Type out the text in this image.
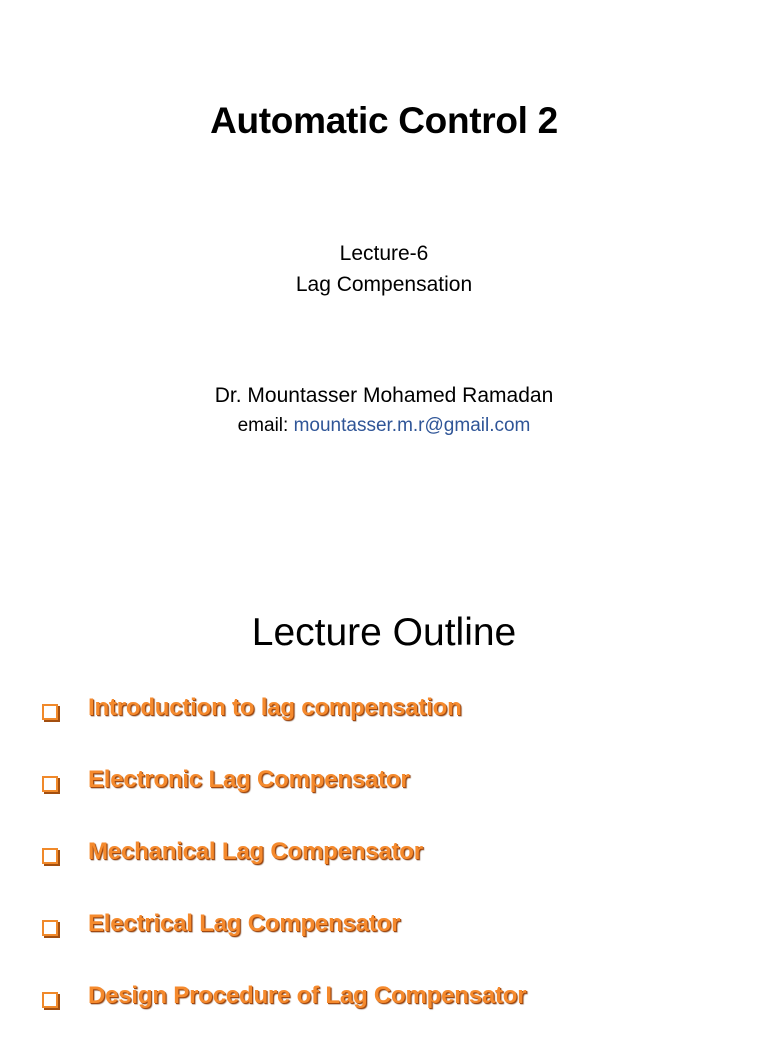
Automatic Control 2
Lecture-6
Lag Compensation
Dr. Mountasser Mohamed Ramadan
email: mountasser.m.r@gmail.com
Lecture Outline
Introduction to lag compensation
Electronic Lag Compensator
Mechanical Lag Compensator
Electrical Lag Compensator
Design Procedure of Lag Compensator
